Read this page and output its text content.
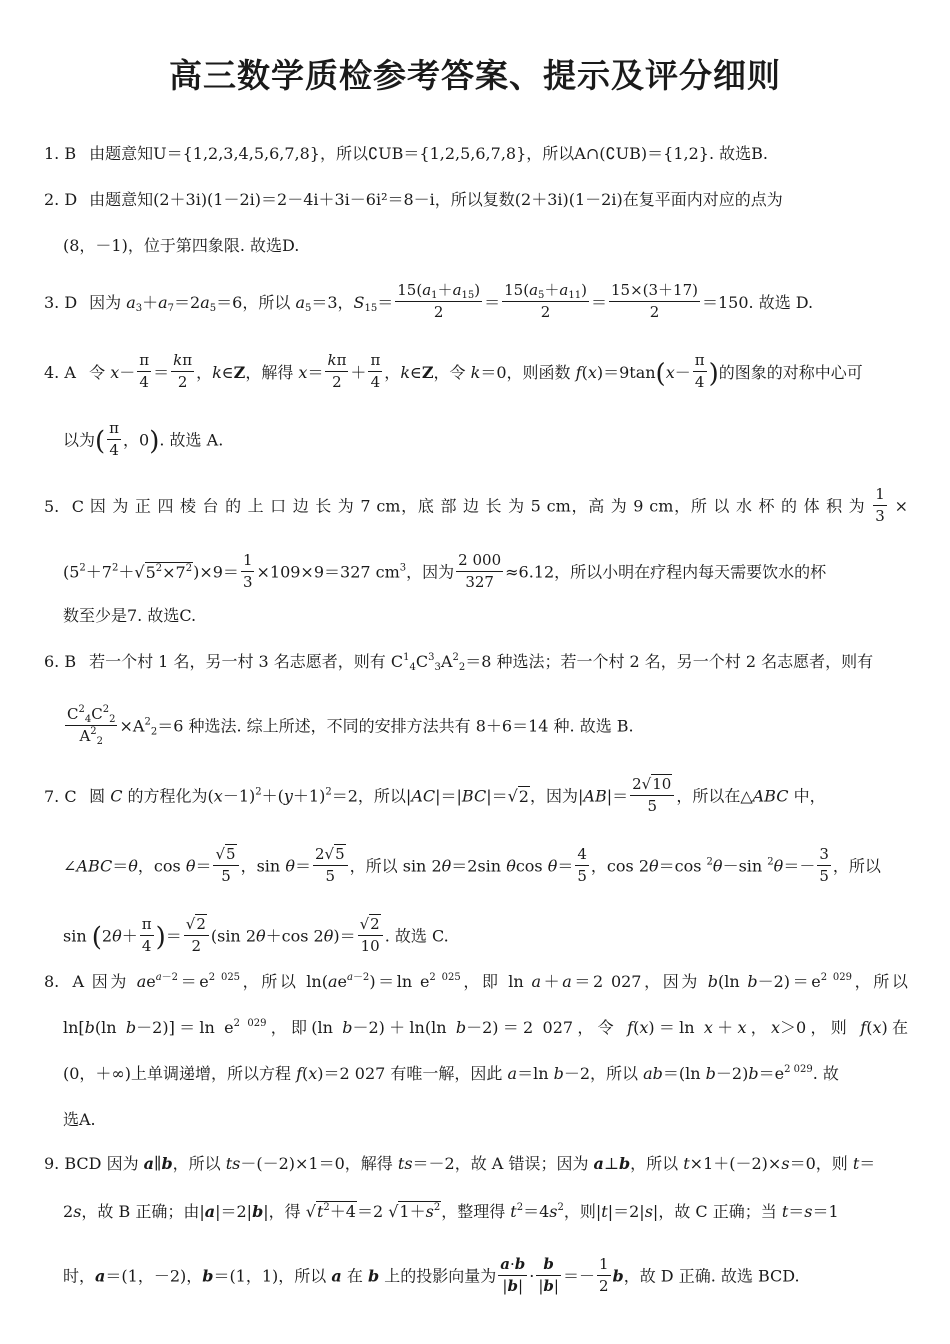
高三数学质检参考答案、提示及评分细则
1. B 由题意知U＝{1,2,3,4,5,6,7,8}，所以∁UB＝{1,2,5,6,7,8}，所以A∩(∁UB)＝{1,2}. 故选B.
2. D 由题意知(2＋3i)(1－2i)＝2－4i＋3i－6i²＝8－i，所以复数(2＋3i)(1－2i)在复平面内对应的点为
(8，－1)，位于第四象限. 故选D.
3. D 因为 $a_3+a_7=2a_5=6$，所以 $a_5=3$，$S_{15}= \frac{15(a_1+a_{15})}{2} = \frac{15(a_5+a_{11})}{2} = \frac{15\times(3+17)}{2} =150$. 故选 D.
4. A 令 $x- \frac{\pi}{4} = \frac{k\pi}{2}$ ，k∈Z，解得 $x= \frac{k\pi}{2} + \frac{\pi}{4}$ ，k∈Z，令 k＝0，则函数 $f(x)=9\tan(x- \frac{\pi}{4}$ )的图象的对称中心可
以为( $\frac{\pi}{4}$ ，0). 故选 A.
5. C 因 为 正 四 棱 台 的 上 口 边 长 为 7 cm，底 部 边 长 为 5 cm，高 为 9 cm，所 以 水 杯 的 体 积 为 $\frac{1}{3}$ ×
$(5^2+7^2+√5^2\times 7^2)\times 9= \frac{1}{3} \times 109\times 9=327$ $cm^3$，因为 $\frac{2 000}{327} \approx 6.12$，所以小明在疗程内每天需要饮水的杯
数至少是7. 故选C.
6. B 若一个村 1 名，另一村 3 名志愿者，则有 $C^1_4C^3_3A^2_2=8$ 种选法；若一个村 2 名，另一个村 2 名志愿者，则有
$\frac{C^2_4C^2_2}{A^2_2} \times A^2_2=6$ 种选法. 综上所述，不同的安排方法共有 8＋6＝14 种. 故选 B.
7. C 圆 C 的方程化为$(x-1)^2+(y+1)^2=2$，所以|AC|＝|BC|＝√2，因为$|AB|= \frac{2√10}{5}$ ，所以在△ABC 中，
∠ABC＝θ，$\cos \theta= \frac{√5}{5}$ ，$\sin \theta= \frac{2√5}{5}$ ，所以 sin 2θ＝2sin θcos $\theta= \frac{4}{5}$ ，cos 2θ＝cos $^2$θ－sin $^2\theta=- \frac{3}{5}$ ，所以
$\sin (2\theta+ \frac{\pi}{4}$ )＝ $\frac{√2}{2} (\sin$ 2θ＋cos $2\theta)= \frac{√2}{10}$ . 故选 C.
8. A 因为 $ae^{a-2}=e^{2 025}$，所以 $\ln(ae^{a-2})=\ln$ $e^{2 025}$，即 ln a＋a＝2 027，因为 b(ln $b-2)=e^{2 029}$，所以
ln[b(ln b－2)]＝ln $e^{2 029}$，即(ln b－2)＋ln(ln b－2)＝2 027，令 f(x)＝ln x＋x，x＞0，则 f(x)在
(0，＋∞)上单调递增，所以方程 f(x)＝2 027 有唯一解，因此 a＝ln b－2，所以 ab＝(ln $b-2)b=e^{2 029}$. 故
选A.
9. BCD 因为 a∥b，所以 ts－(－2)×1＝0，解得 ts＝－2，故 A 错误；因为 a⊥b，所以 t×1＋(－2)×s＝0，则 t＝
2s，故 B 正确；由|a|＝2|b|，得 $√t^2+4=2$ $√1+s^2$，整理得 $t^2=4s^2$，则|t|＝2|s|，故 C 正确；当 t＝s＝1
时，a＝(1，－2)，b＝(1，1)，所以 a 在 b 上的投影向量为 $\frac{a\cdot b}{|b|} \cdot \frac{b}{|b|} =- \frac{1}{2}$ b，故 D 正确. 故选 BCD.
